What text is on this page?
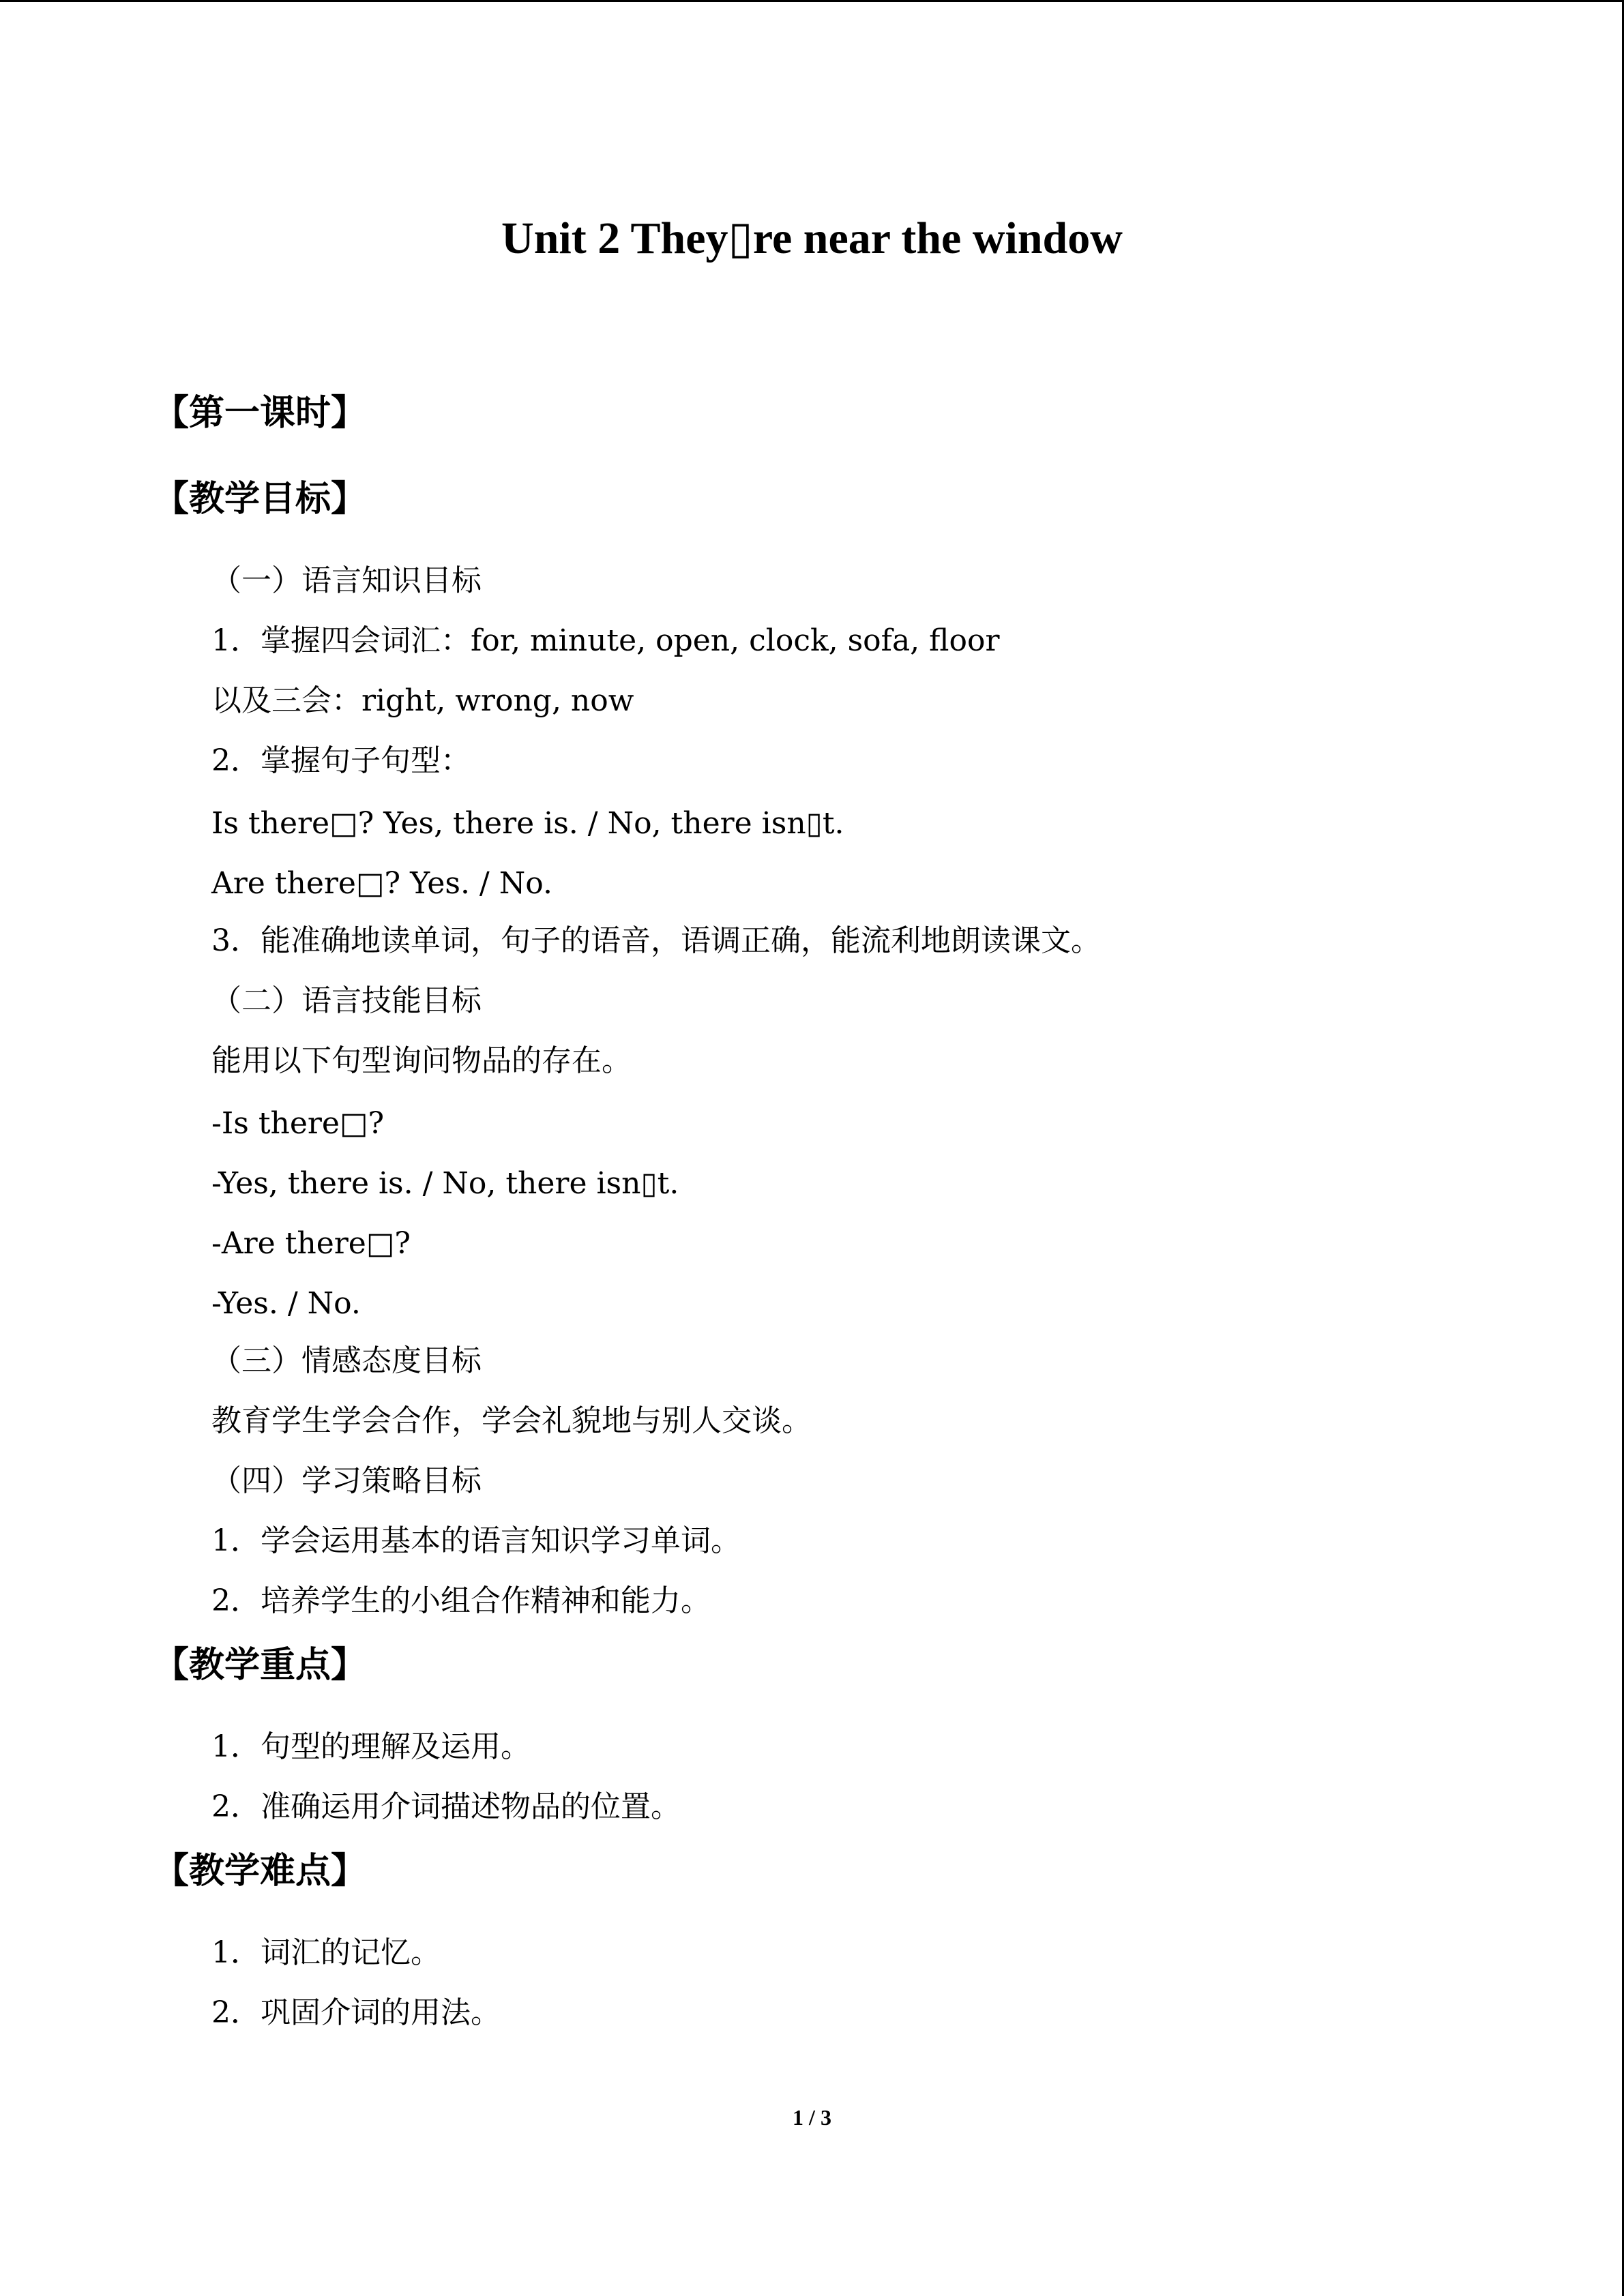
Unit 2 They▯re near the window
【第一课时】
【教学目标】
（一）语言知识目标
1．掌握四会词汇：for, minute, open, clock, sofa, floor
以及三会：right, wrong, now
2．掌握句子句型：
Is there□? Yes, there is. / No, there isn▯t.
Are there□? Yes. / No.
3．能准确地读单词，句子的语音，语调正确，能流利地朗读课文。
（二）语言技能目标
能用以下句型询问物品的存在。
-Is there□?
-Yes, there is. / No, there isn▯t.
-Are there□?
-Yes. / No.
（三）情感态度目标
教育学生学会合作，学会礼貌地与别人交谈。
（四）学习策略目标
1．学会运用基本的语言知识学习单词。
2．培养学生的小组合作精神和能力。
【教学重点】
1．句型的理解及运用。
2．准确运用介词描述物品的位置。
【教学难点】
1．词汇的记忆。
2．巩固介词的用法。
1 / 3
